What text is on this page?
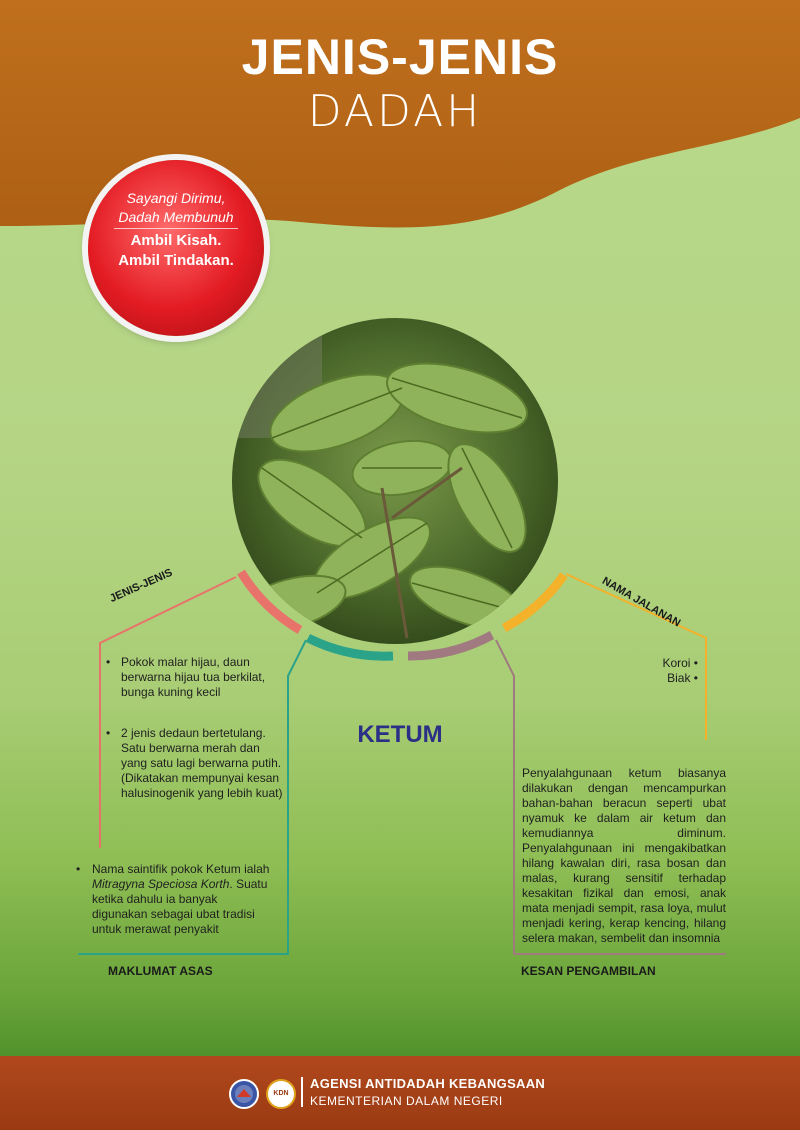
JENIS-JENIS
DADAH
Sayangi Dirimu,
Dadah Membunuh
Ambil Kisah.
Ambil Tindakan.
JENIS-JENIS	NAMA JALANAN
MAKLUMAT ASAS	KESAN PENGAMBILAN
• Pokok malar hijau, daun berwarna hijau tua berkilat, bunga kuning kecil
• 2 jenis dedaun bertetulang. Satu berwarna merah dan yang satu lagi berwarna putih. (Dikatakan mempunyai kesan halusinogenik yang lebih kuat)
Koroi •
Biak •
KETUM
• Nama saintifik pokok Ketum ialah Mitragyna Speciosa Korth. Suatu ketika dahulu ia banyak digunakan sebagai ubat tradisi untuk merawat penyakit
Penyalahgunaan ketum biasanya dilakukan dengan mencampurkan bahan-bahan beracun seperti ubat nyamuk ke dalam air ketum dan kemudiannya diminum. Penyalahgunaan ini mengakibatkan hilang kawalan diri, rasa bosan dan malas, kurang sensitif terhadap kesakitan fizikal dan emosi, anak mata menjadi sempit, rasa loya, mulut menjadi kering, kerap kencing, hilang selera makan, sembelit dan insomnia
KDN
AGENSI ANTIDADAH KEBANGSAAN
KEMENTERIAN DALAM NEGERI
